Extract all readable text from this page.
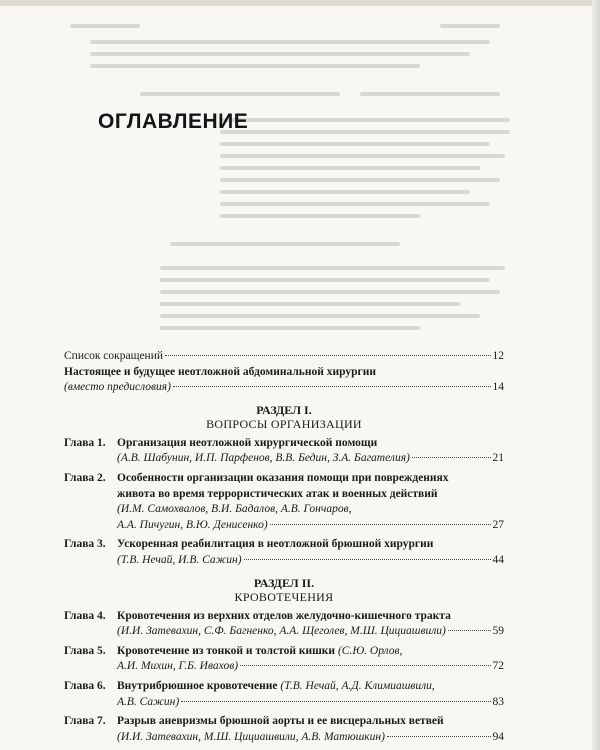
ОГЛАВЛЕНИЕ
Список сокращений	12
Настоящее и будущее неотложной абдоминальной хирургии
(вместо предисловия)	14
РАЗДЕЛ I.
ВОПРОСЫ ОРГАНИЗАЦИИ
Глава 1. Организация неотложной хирургической помощи
(А.В. Шабунин, И.П. Парфенов, В.В. Бедин, З.А. Багателия)	21
Глава 2. Особенности организации оказания помощи при повреждениях
живота во время террористических атак и военных действий
(И.М. Самохвалов, В.И. Бадалов, А.В. Гончаров,
А.А. Пичугин, В.Ю. Денисенко)	27
Глава 3. Ускоренная реабилитация в неотложной брюшной хирургии
(Т.В. Нечай, И.В. Сажин)	44
РАЗДЕЛ II.
КРОВОТЕЧЕНИЯ
Глава 4. Кровотечения из верхних отделов желудочно-кишечного тракта
(И.И. Затевахин, С.Ф. Багненко, А.А. Щеголев, М.Ш. Цициашвили)	59
Глава 5. Кровотечение из тонкой и толстой кишки (С.Ю. Орлов,
А.И. Михин, Г.Б. Ивахов)	72
Глава 6. Внутрибрюшное кровотечение (Т.В. Нечай, А.Д. Климиашвили,
А.В. Сажин)	83
Глава 7. Разрыв аневризмы брюшной аорты и ее висцеральных ветвей
(И.И. Затевахин, М.Ш. Цициашвили, А.В. Матюшкин)	94
